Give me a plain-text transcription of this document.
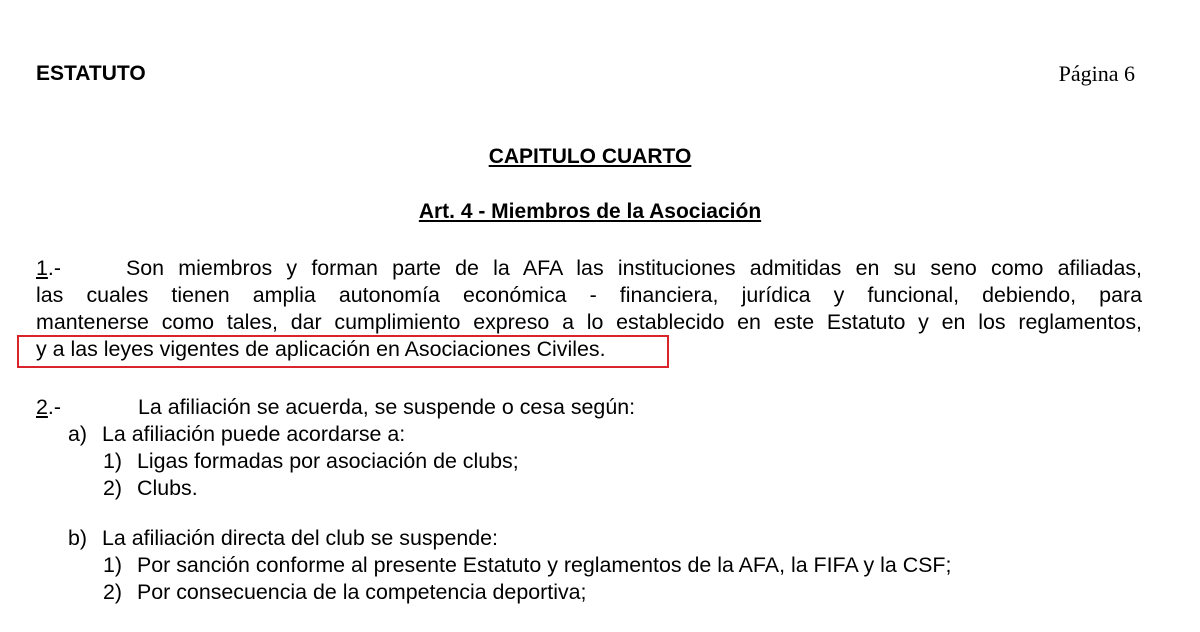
ESTATUTO	Página 6
CAPITULO CUARTO
Art. 4 - Miembros de la Asociación
1.-	Son miembros y forman parte de la AFA las instituciones admitidas en su seno como afiliadas,
las cuales tienen amplia autonomía económica - financiera, jurídica y funcional, debiendo, para
mantenerse como tales, dar cumplimiento expreso a lo establecido en este Estatuto y en los reglamentos,
y a las leyes vigentes de aplicación en Asociaciones Civiles.
2.-	La afiliación se acuerda, se suspende o cesa según:
a) La afiliación puede acordarse a:
1) Ligas formadas por asociación de clubs;
2) Clubs.
b) La afiliación directa del club se suspende:
1) Por sanción conforme al presente Estatuto y reglamentos de la AFA, la FIFA y la CSF;
2) Por consecuencia de la competencia deportiva;
